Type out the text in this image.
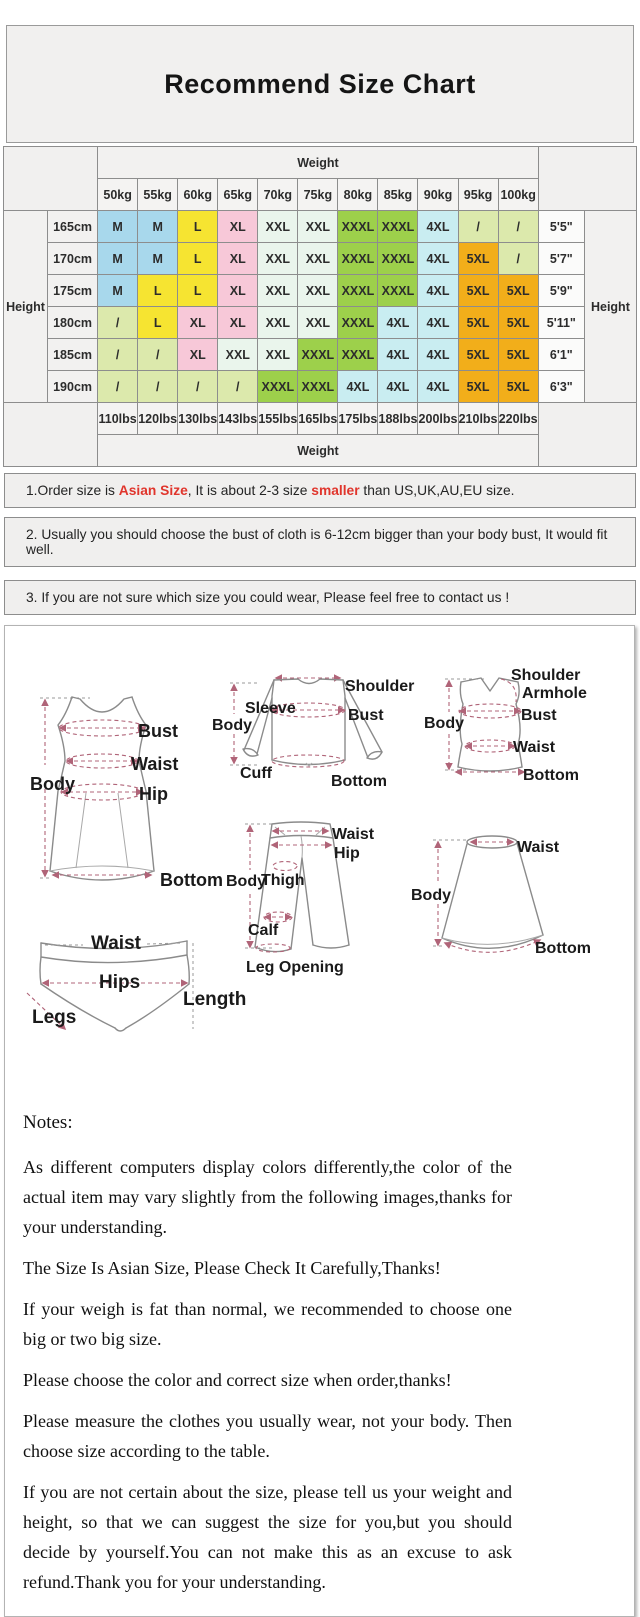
Recommend Size Chart
		Weight												
		50kg	55kg	60kg	65kg	70kg	75kg	80kg	85kg	90kg	95kg	100kg		
Height	165cm	M	M	L	XL	XXL	XXL	XXXL	XXXL	4XL	/	/	5'5"	Height
	170cm	M	M	L	XL	XXL	XXL	XXXL	XXXL	4XL	5XL	/	5'7"	
	175cm	M	L	L	XL	XXL	XXL	XXXL	XXXL	4XL	5XL	5XL	5'9"	
	180cm	/	L	XL	XL	XXL	XXL	XXXL	4XL	4XL	5XL	5XL	5'11"	
	185cm	/	/	XL	XXL	XXL	XXXL	XXXL	4XL	4XL	5XL	5XL	6'1"	
	190cm	/	/	/	/	XXXL	XXXL	4XL	4XL	4XL	5XL	5XL	6'3"	
		110lbs	120lbs	130lbs	143lbs	155lbs	165lbs	175lbs	188lbs	200lbs	210lbs	220lbs		
		Weight												

1.Order size is Asian Size, It is about 2-3 size smaller than US,UK,AU,EU size.

2. Usually you should choose the bust of cloth is 6-12cm bigger than your body bust, It would fit well.

3. If you are not sure which size you could wear, Please feel free to contact us !

Body
Bust
Waist
Hip
Bottom
Shoulder
Sleeve
Body
Bust
Cuff	Bottom
Shoulder
Armhole
Body	Bust
Waist
Bottom
Waist
Hip
Body
Thigh
Calf
Leg Opening
Waist
Body
Bottom
Waist
Hips
Legs
Length

Notes:

As different computers display colors differently,the color of the actual item may vary slightly from the following images,thanks for your understanding.

The Size Is Asian Size, Please Check It Carefully,Thanks!

If your weigh is fat than normal, we recommended to choose one big or two big size.

Please choose the color and correct size when order,thanks!

Please measure the clothes you usually wear, not your body. Then choose size according to the table.

If you are not certain about the size, please tell us your weight and height, so that we can suggest the size for you,but you should decide by yourself.You can not make this as an excuse to ask refund.Thank you for your understanding.
